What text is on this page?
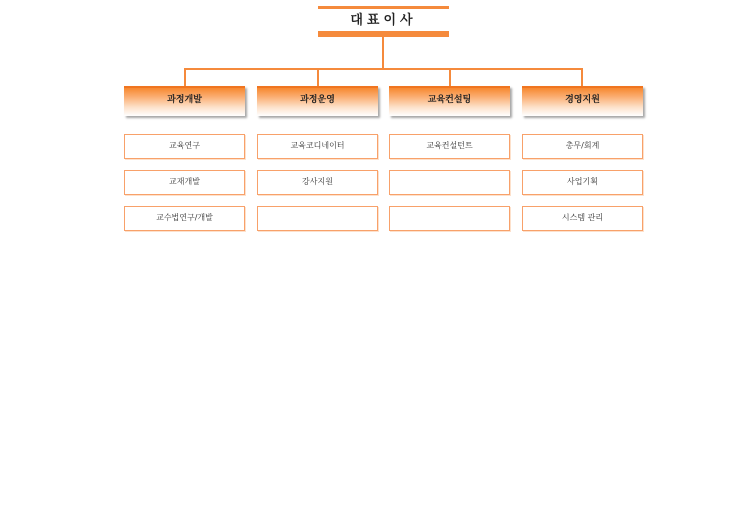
대표이사
과정개발	과정운영	교육컨설팅	경영지원
교육연구
교재개발
교수법연구/개발
교육코디네이터
강사지원
교육컨설턴트	총무/회계
사업기획
시스템 관리
